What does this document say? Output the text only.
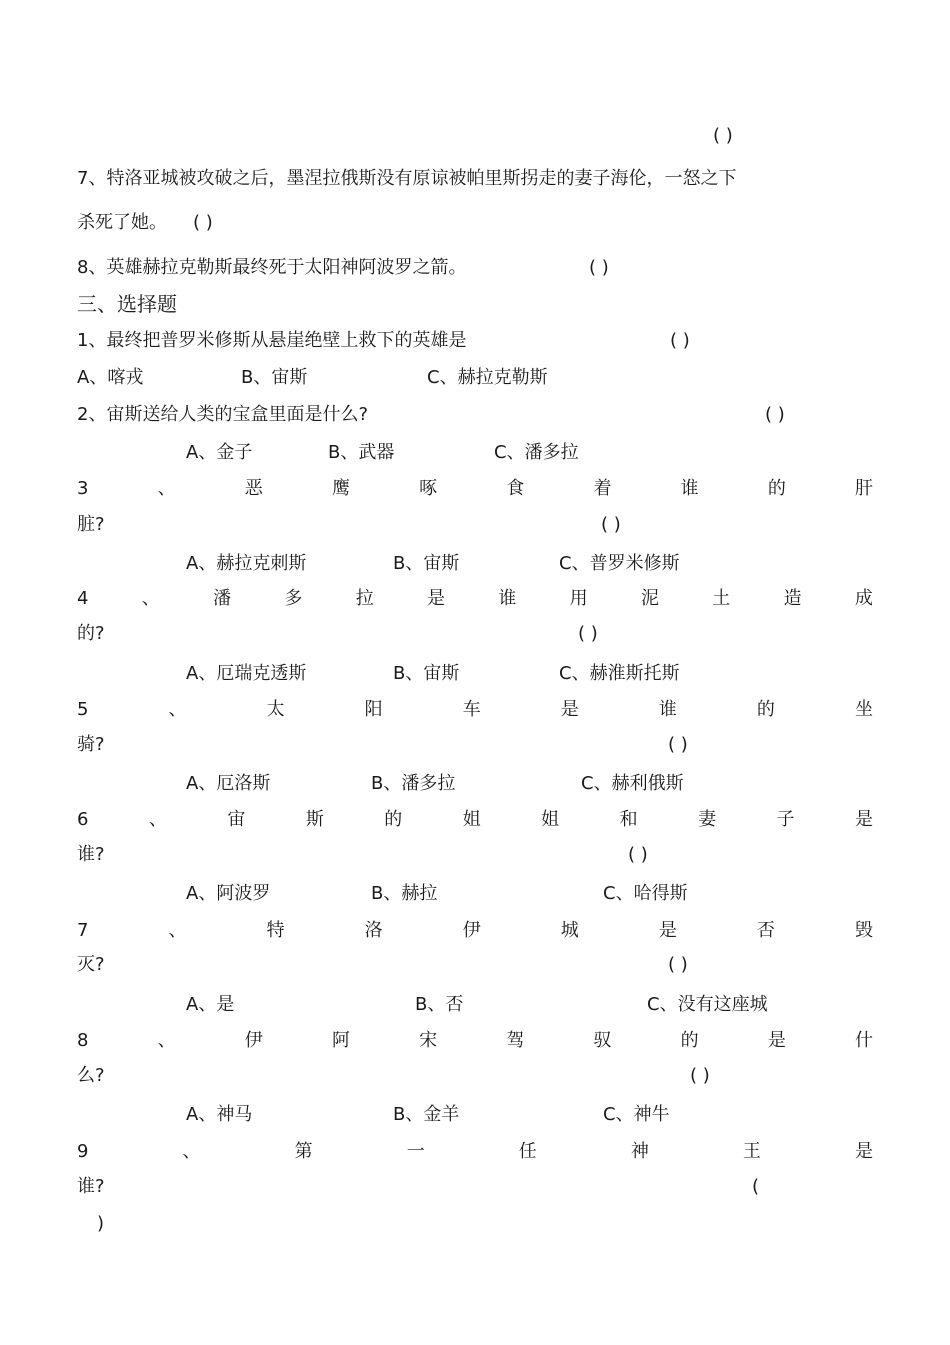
( )
7、特洛亚城被攻破之后，墨涅拉俄斯没有原谅被帕里斯拐走的妻子海伦，一怒之下
杀死了她。 ( )
8、英雄赫拉克勒斯最终死于太阳神阿波罗之箭。	( )
三、选择题
1、最终把普罗米修斯从悬崖绝壁上救下的英雄是	( )
A、喀戎	B、宙斯	C、赫拉克勒斯
2、宙斯送给人类的宝盒里面是什么?	( )
A、金子	B、武器	C、潘多拉
3	、	恶	鹰	啄	食	着	谁	的	肝
脏?	( )
A、赫拉克刺斯	B、宙斯	C、普罗米修斯
4	、	潘	多	拉	是	谁	用	泥	土	造	成
的?	( )
A、厄瑞克透斯	B、宙斯	C、赫淮斯托斯
5	、	太	阳	车	是	谁	的	坐
骑?	( )
A、厄洛斯	B、潘多拉	C、赫利俄斯
6	、	宙	斯	的	姐	姐	和	妻	子	是
谁?	( )
A、阿波罗	B、赫拉	C、哈得斯
7	、	特	洛	伊	城	是	否	毁
灭?	( )
A、是	B、否	C、没有这座城
8	、	伊	阿	宋	驾	驭	的	是	什
么?	( )
A、神马	B、金羊	C、神牛
9	、	第	一	任	神	王	是
谁?	(
)
